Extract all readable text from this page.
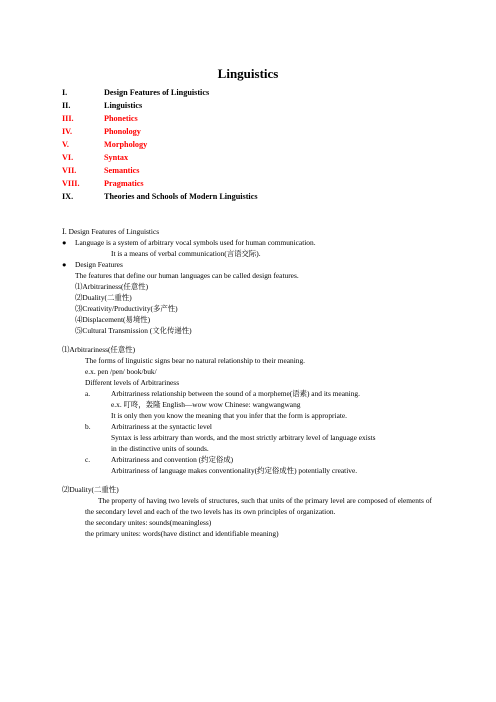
Linguistics
I.	Design Features of Linguistics
II.	Linguistics
III.	Phonetics
IV.	Phonology
V.	Morphology
VI.	Syntax
VII.	Semantics
VIII.	Pragmatics
IX.	Theories and Schools of Modern Linguistics
Ⅰ. Design Features of Linguistics
● Language is a system of arbitrary vocal symbols used for human communication.
It is a means of verbal communication(言语交际).
● Design Features
The features that define our human languages can be called design features.
⑴Arbitrariness(任意性)
⑵Duality(二重性)
⑶Creativity/Productivity(多产性)
⑷Displacement(易境性)
⑸Cultural Transmission (文化传递性)
⑴Arbitrariness(任意性)
The forms of linguistic signs bear no natural relationship to their meaning.
e.x. pen /pen/ book/buk/
Different levels of Arbitrariness
a.	Arbitrariness relationship between the sound of a morpheme(语素) and its meaning.
e.x. 叮咚，轰隆 English—wow wow Chinese: wangwangwang
It is only then you know the meaning that you infer that the form is appropriate.
b.	Arbitrariness at the syntactic level
Syntax is less arbitrary than words, and the most strictly arbitrary level of language exists
in the distinctive units of sounds.
c.	Arbitrariness and convention (约定俗成)
Arbitrariness of language makes conventionality(约定俗成性) potentially creative.
⑵Duality(二重性)
The property of having two levels of structures, such that units of the primary level are composed of elements of the secondary level and each of the two levels has its own principles of organization.
the secondary unites: sounds(meaningless)
the primary unites: words(have distinct and identifiable meaning)
